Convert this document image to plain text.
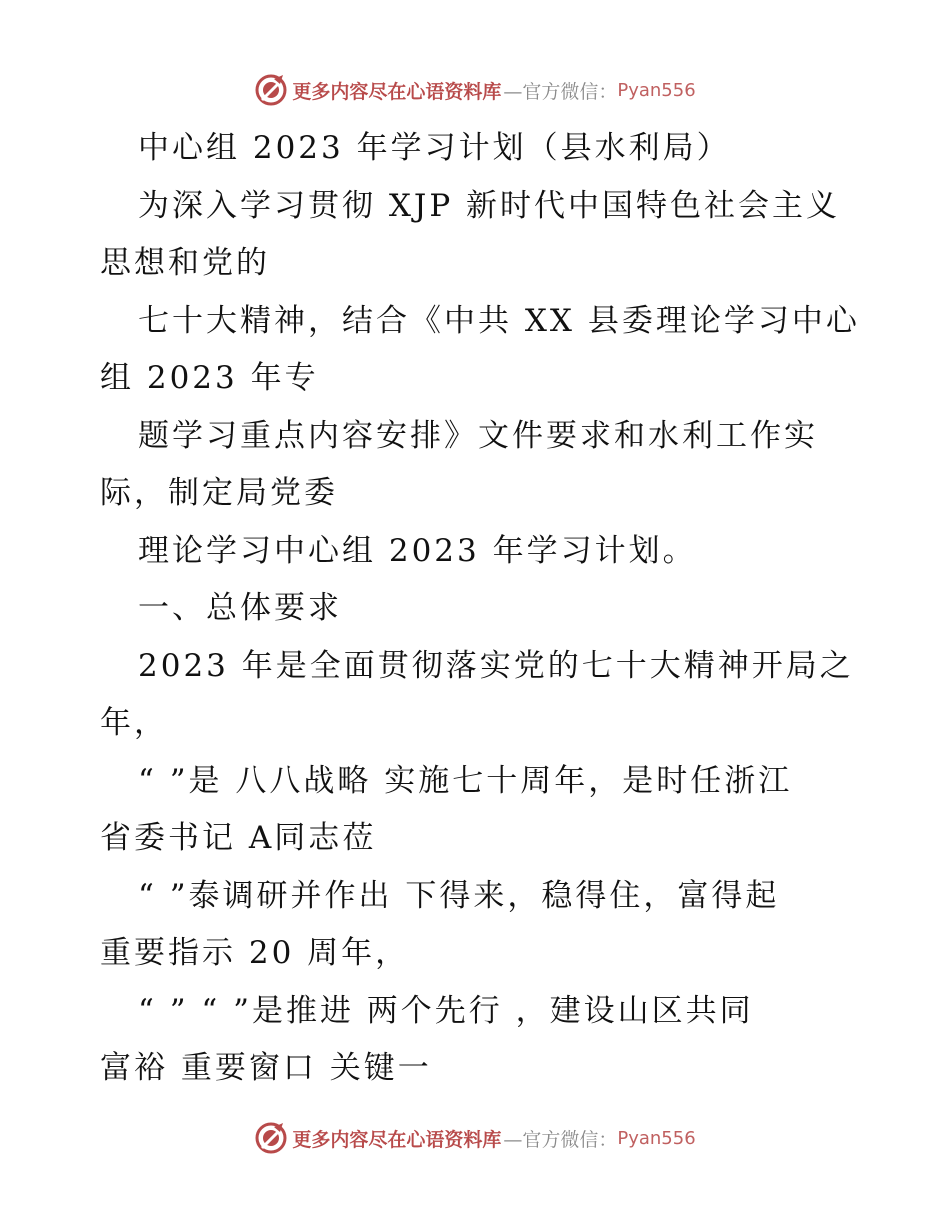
更多内容尽在心语资料库 —官方微信： Pyan556
中心组 2023 年学习计划（县水利局）
为深入学习贯彻 XJP 新时代中国特色社会主义
思想和党的
七十大精神，结合《中共 XX 县委理论学习中心
组 2023 年专
题学习重点内容安排》文件要求和水利工作实
际，制定局党委
理论学习中心组 2023 年学习计划。
一、总体要求
2023 年是全面贯彻落实党的七十大精神开局之
年，
“ ”是 八八战略 实施七十周年，是时任浙江
省委书记 A同志莅
“ ”泰调研并作出 下得来，稳得住，富得起
重要指示 20 周年，
“ ” “ ”是推进 两个先行 ，建设山区共同
富裕 重要窗口 关键一
更多内容尽在心语资料库 —官方微信： Pyan556
